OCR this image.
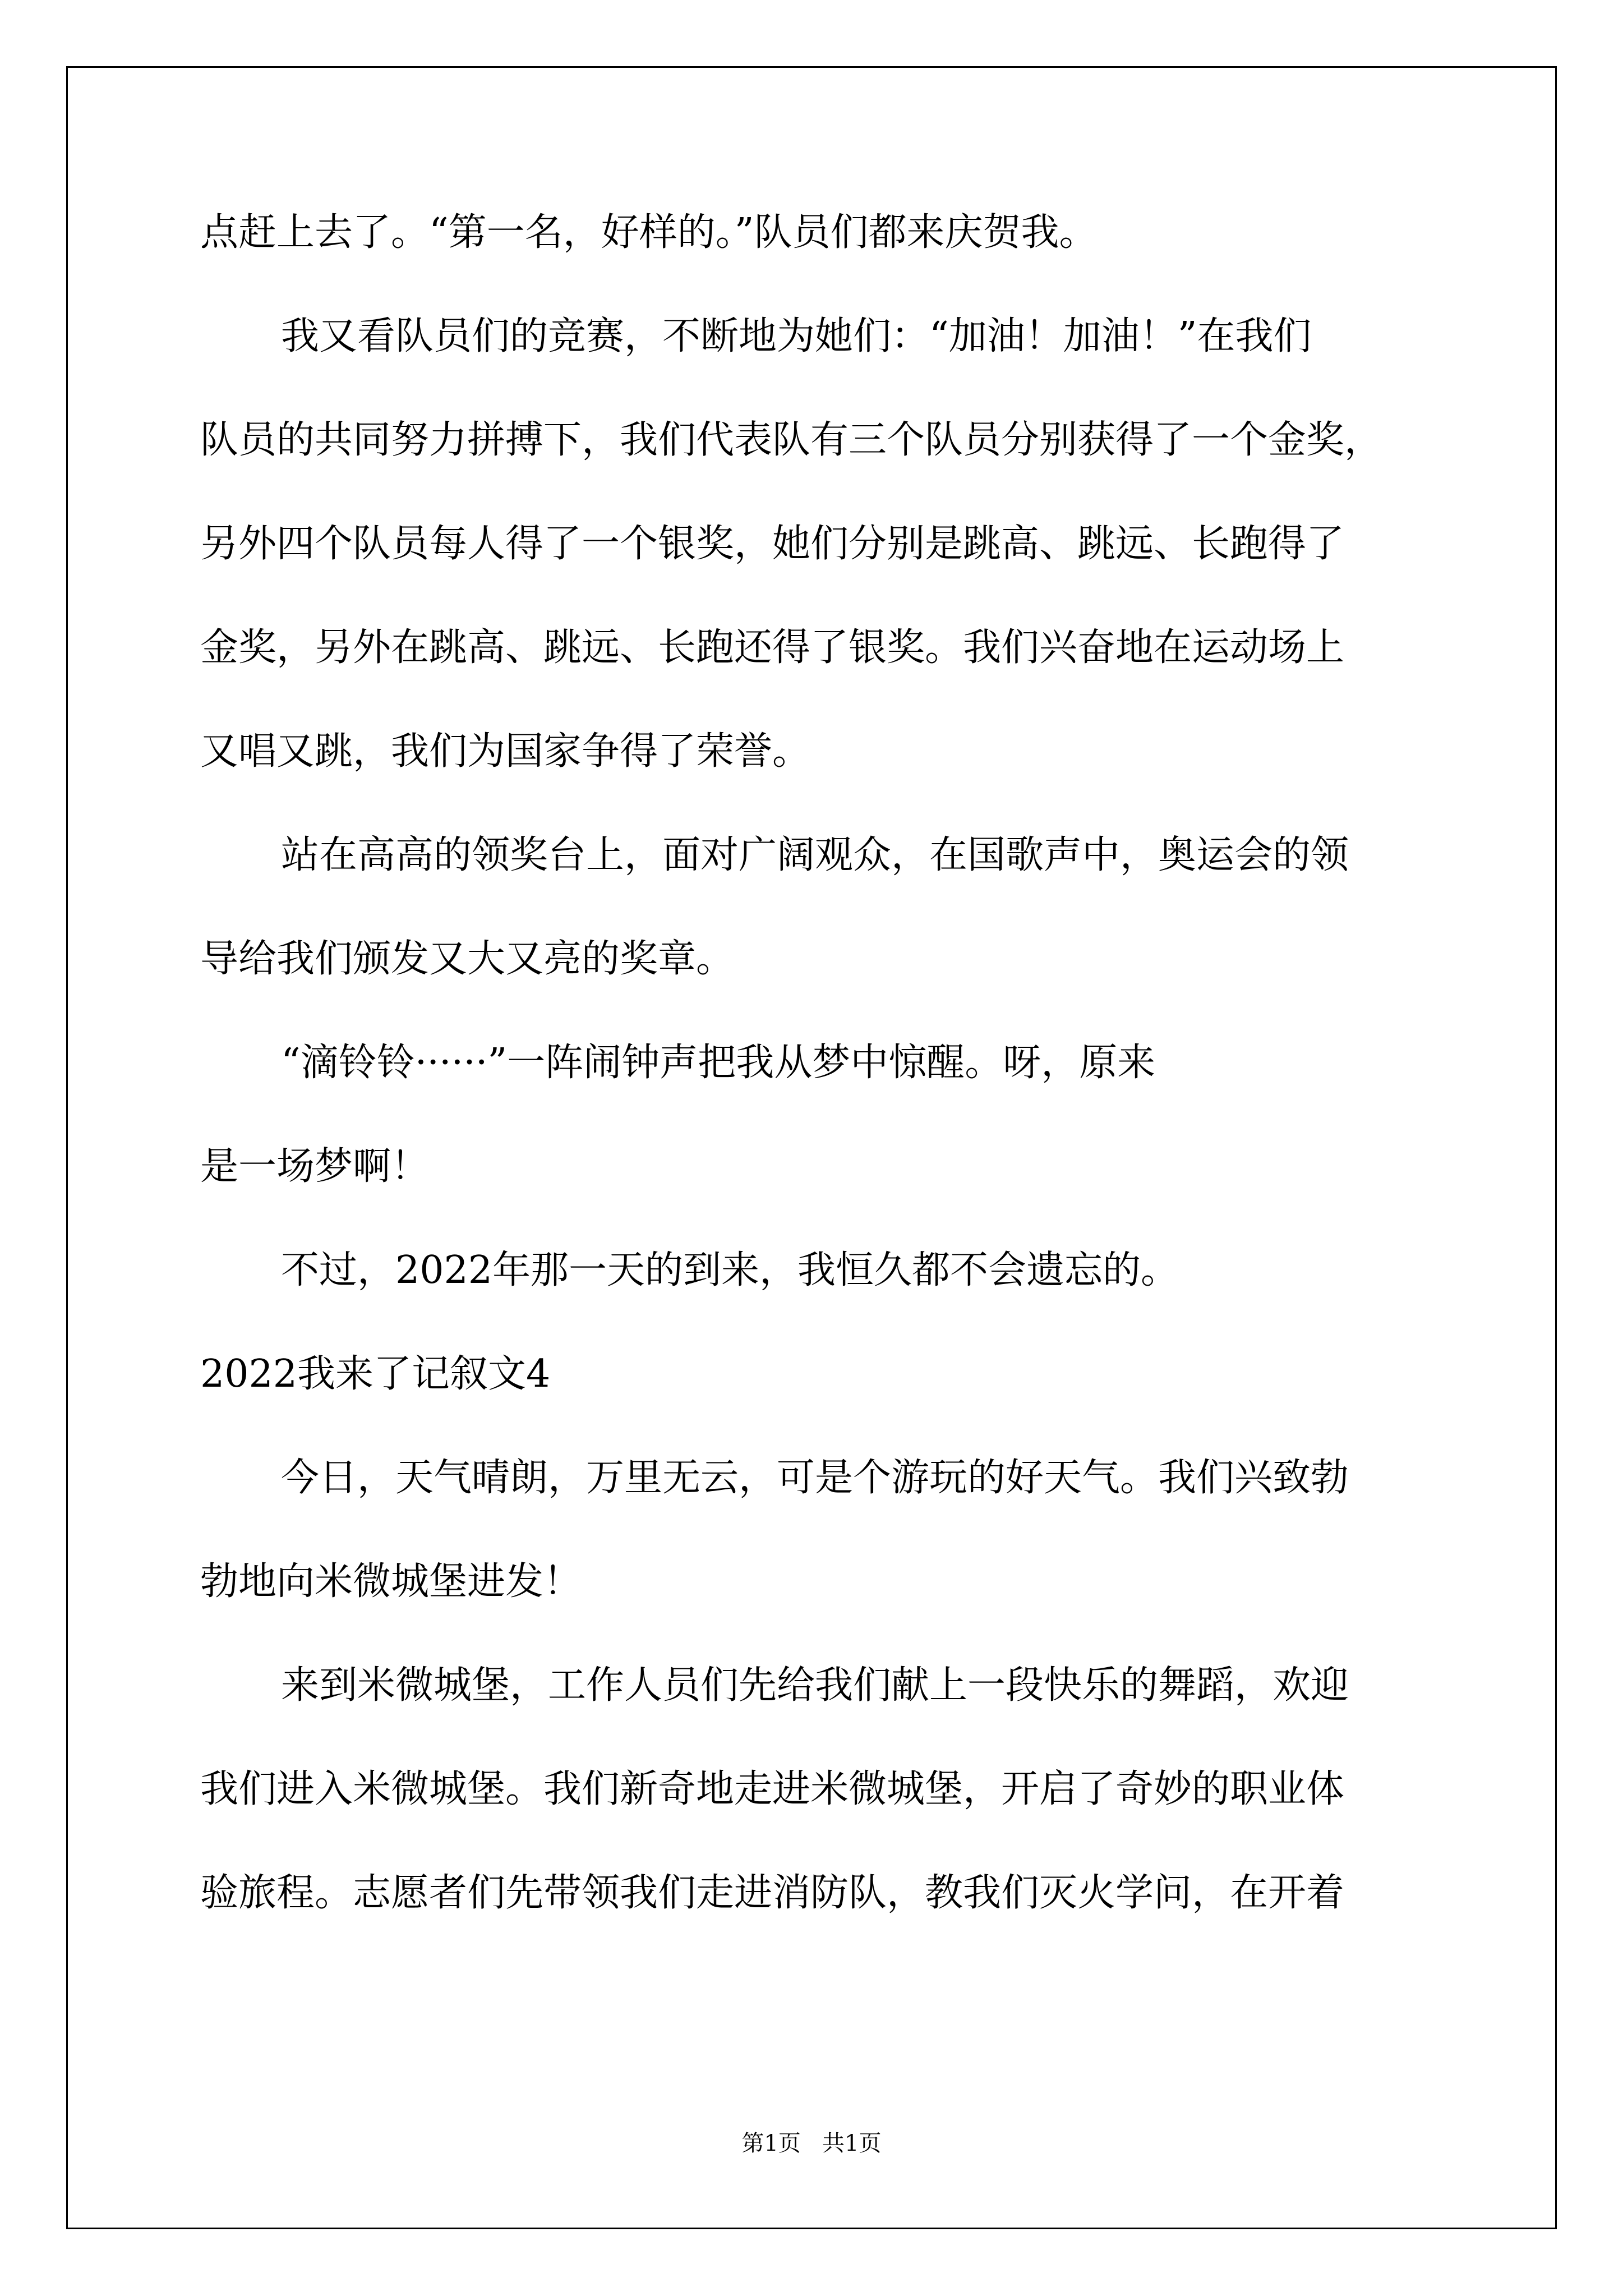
点赶上去了。“第一名，好样的。”队员们都来庆贺我。
我又看队员们的竞赛，不断地为她们：“加油！加油！”在我们
队员的共同努力拼搏下，我们代表队有三个队员分别获得了一个金奖，
另外四个队员每人得了一个银奖，她们分别是跳高、跳远、长跑得了
金奖，另外在跳高、跳远、长跑还得了银奖。我们兴奋地在运动场上
又唱又跳，我们为国家争得了荣誉。
站在高高的领奖台上，面对广阔观众，在国歌声中，奥运会的领
导给我们颁发又大又亮的奖章。
“滴铃铃······”一阵闹钟声把我从梦中惊醒。呀，原来
是一场梦啊！
不过，2022年那一天的到来，我恒久都不会遗忘的。
2022我来了记叙文4
今日，天气晴朗，万里无云，可是个游玩的好天气。我们兴致勃
勃地向米微城堡进发！
来到米微城堡，工作人员们先给我们献上一段快乐的舞蹈，欢迎
我们进入米微城堡。我们新奇地走进米微城堡，开启了奇妙的职业体
验旅程。志愿者们先带领我们走进消防队，教我们灭火学问，在开着
第1页   共1页
